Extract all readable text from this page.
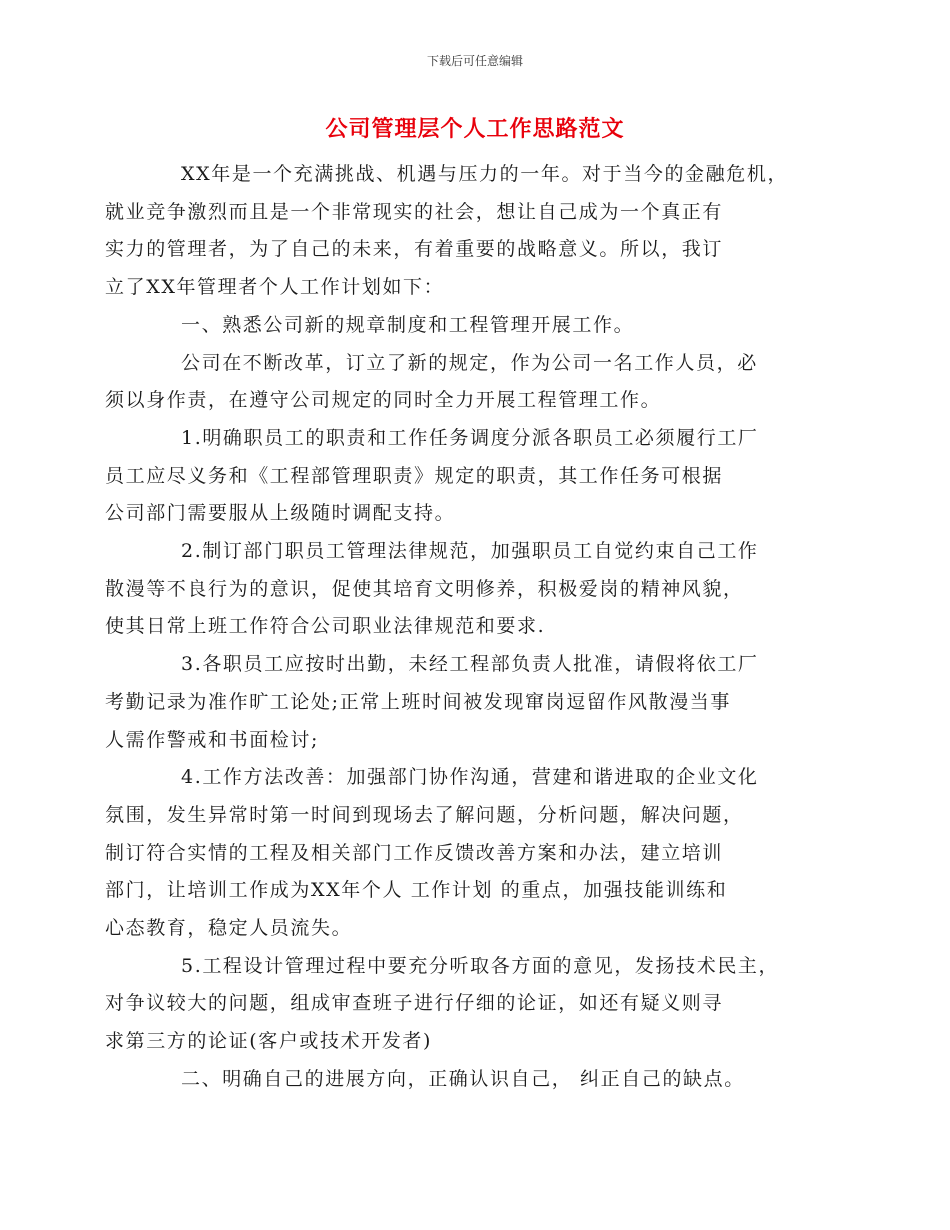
下载后可任意编辑
公司管理层个人工作思路范文

XX年是一个充满挑战、机遇与压力的一年。对于当今的金融危机，
就业竞争激烈而且是一个非常现实的社会，想让自己成为一个真正有
实力的管理者，为了自己的未来，有着重要的战略意义。所以，我订
立了XX年管理者个人工作计划如下：

一、熟悉公司新的规章制度和工程管理开展工作。

公司在不断改革，订立了新的规定，作为公司一名工作人员，必
须以身作责，在遵守公司规定的同时全力开展工程管理工作。

1.明确职员工的职责和工作任务调度分派各职员工必须履行工厂
员工应尽义务和《工程部管理职责》规定的职责，其工作任务可根据
公司部门需要服从上级随时调配支持。

2.制订部门职员工管理法律规范，加强职员工自觉约束自己工作
散漫等不良行为的意识，促使其培育文明修养，积极爱岗的精神风貌，
使其日常上班工作符合公司职业法律规范和要求.

3.各职员工应按时出勤，未经工程部负责人批准，请假将依工厂
考勤记录为准作旷工论处;正常上班时间被发现窜岗逗留作风散漫当事
人需作警戒和书面检讨;

4.工作方法改善：加强部门协作沟通，营建和谐进取的企业文化
氛围，发生异常时第一时间到现场去了解问题，分析问题，解决问题，
制订符合实情的工程及相关部门工作反馈改善方案和办法，建立培训
部门，让培训工作成为XX年个人 工作计划 的重点，加强技能训练和
心态教育，稳定人员流失。

5.工程设计管理过程中要充分听取各方面的意见，发扬技术民主，
对争议较大的问题，组成审查班子进行仔细的论证，如还有疑义则寻
求第三方的论证(客户或技术开发者)

二、明确自己的进展方向，正确认识自己， 纠正自己的缺点。
